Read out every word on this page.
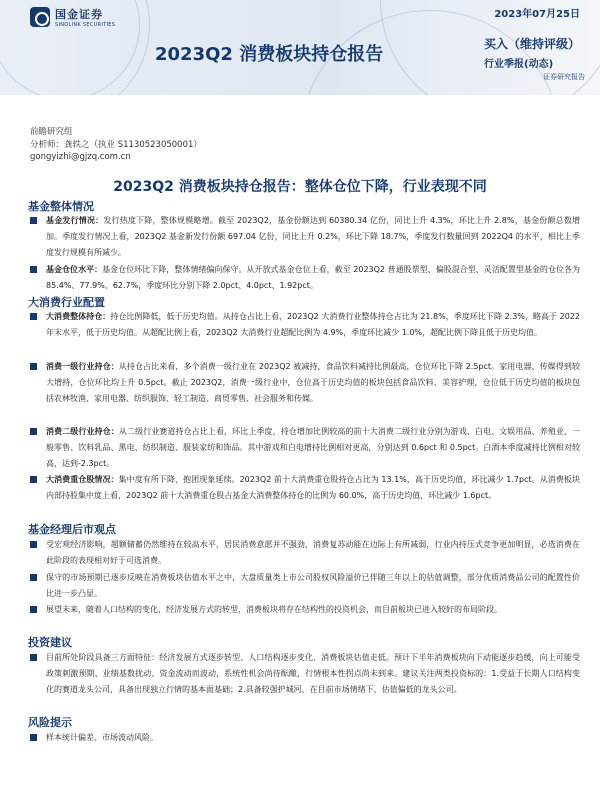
国金证券
SINOLINK SECURITIES
2023年07月25日
2023Q2 消费板块持仓报告	买入（维持评级）
行业季报(动态)
证券研究报告
前瞻研究组
分析师：龚轶之（执业 S1130523050001）
gongyizhi@gjzq.com.cn
2023Q2 消费板块持仓报告：整体仓位下降，行业表现不同
基金整体情况
基金发行情况：发行热度下降，整体规模略增。截至 2023Q2，基金份额达到 60380.34 亿份，同比上升 4.3%，环比上升 2.8%，基金份额总数增加。季度发行情况上看，2023Q2 基金新发行份额 697.04 亿份，同比上升 0.2%，环比下降 18.7%，季度发行数量回到 2022Q4 的水平，相比上季度发行规模有所减少。
基金仓位水平：基金仓位环比下降，整体情绪偏向保守。从开放式基金仓位上看，截至 2023Q2 普通股票型、偏股混合型、灵活配置型基金的仓位各为 85.4%、77.9%、62.7%，季度环比分别下降 2.0pct、4.0pct、1.92pct。
大消费行业配置
大消费整体持仓：持仓比例降低，低于历史均值。从持仓占比上看，2023Q2 大消费行业整体持仓占比为 21.8%，季度环比下降 2.3%，略高于 2022 年末水平，低于历史均值。从超配比例上看，2023Q2 大消费行业超配比例为 4.9%，季度环比减少 1.0%，超配比例下降且低于历史均值。
消费一级行业持仓：从持仓占比来看，多个消费一级行业在 2023Q2 被减持，食品饮料减持比例最高，仓位环比下降 2.5pct。家用电器、传媒得到较大增持，仓位环比均上升 0.5pct。截止 2023Q2，消费一级行业中，仓位高于历史均值的板块包括食品饮料、美容护理，仓位低于历史均值的板块包括农林牧渔、家用电器、纺织服饰、轻工制造、商贸零售、社会服务和传媒。
消费二级行业持仓：从二级行业赛道持仓占比上看，环比上季度，持仓增加比例较高的前十大消费二级行业分别为游戏、白电、文娱用品、养殖业、一般零售、饮料乳品、黑电、纺织制造、服装家纺和饰品。其中游戏和白电增持比例相对更高，分别达到 0.6pct 和 0.5pct。白酒本季度减持比例相对较高，达到-2.3pct。
大消费重仓股情况：集中度有所下降，抱团现象延续。2023Q2 前十大消费重仓股持仓占比为 13.1%，高于历史均值，环比减少 1.7pct。从消费板块内部持股集中度上看，2023Q2 前十大消费重仓股占基金大消费整体持仓的比例为 60.0%，高于历史均值，环比减少 1.6pct。
基金经理后市观点
受宏观经济影响，超额储蓄仍然维持在较高水平，居民消费意愿并不强劲，消费复苏动能在边际上有所减弱，行业内持压式竞争更加明显，必选消费在此阶段的表现相对好于可选消费。
保守的市场预期已逐步反映在消费板块估值水平之中，大盘质量类上市公司股权风险溢价已伴随三年以上的估值调整，部分优质消费品公司的配置性价比进一步凸显。
展望未来，随着人口结构的变化，经济发展方式的转型，消费板块将存在结构性的投资机会，而目前板块已进入较好的布局阶段。
投资建议
目前所处阶段具备三方面特征：经济发展方式逐步转型、人口结构逐步变化、消费板块估值走低。预计下半年消费板块向下动能逐步趋缓，向上可能受政策刺激预期、业绩基数扰动、资金流动而波动，系统性机会尚待酝酿，行情根本性拐点尚未到来。建议关注两类投资标的：1.受益于长期人口结构变化的赛道龙头公司，具备出现独立行情的基本面基础；2.具备较强护城河，在目前市场情绪下，估值偏低的龙头公司。
风险提示
样本统计偏差、市场波动风险。
